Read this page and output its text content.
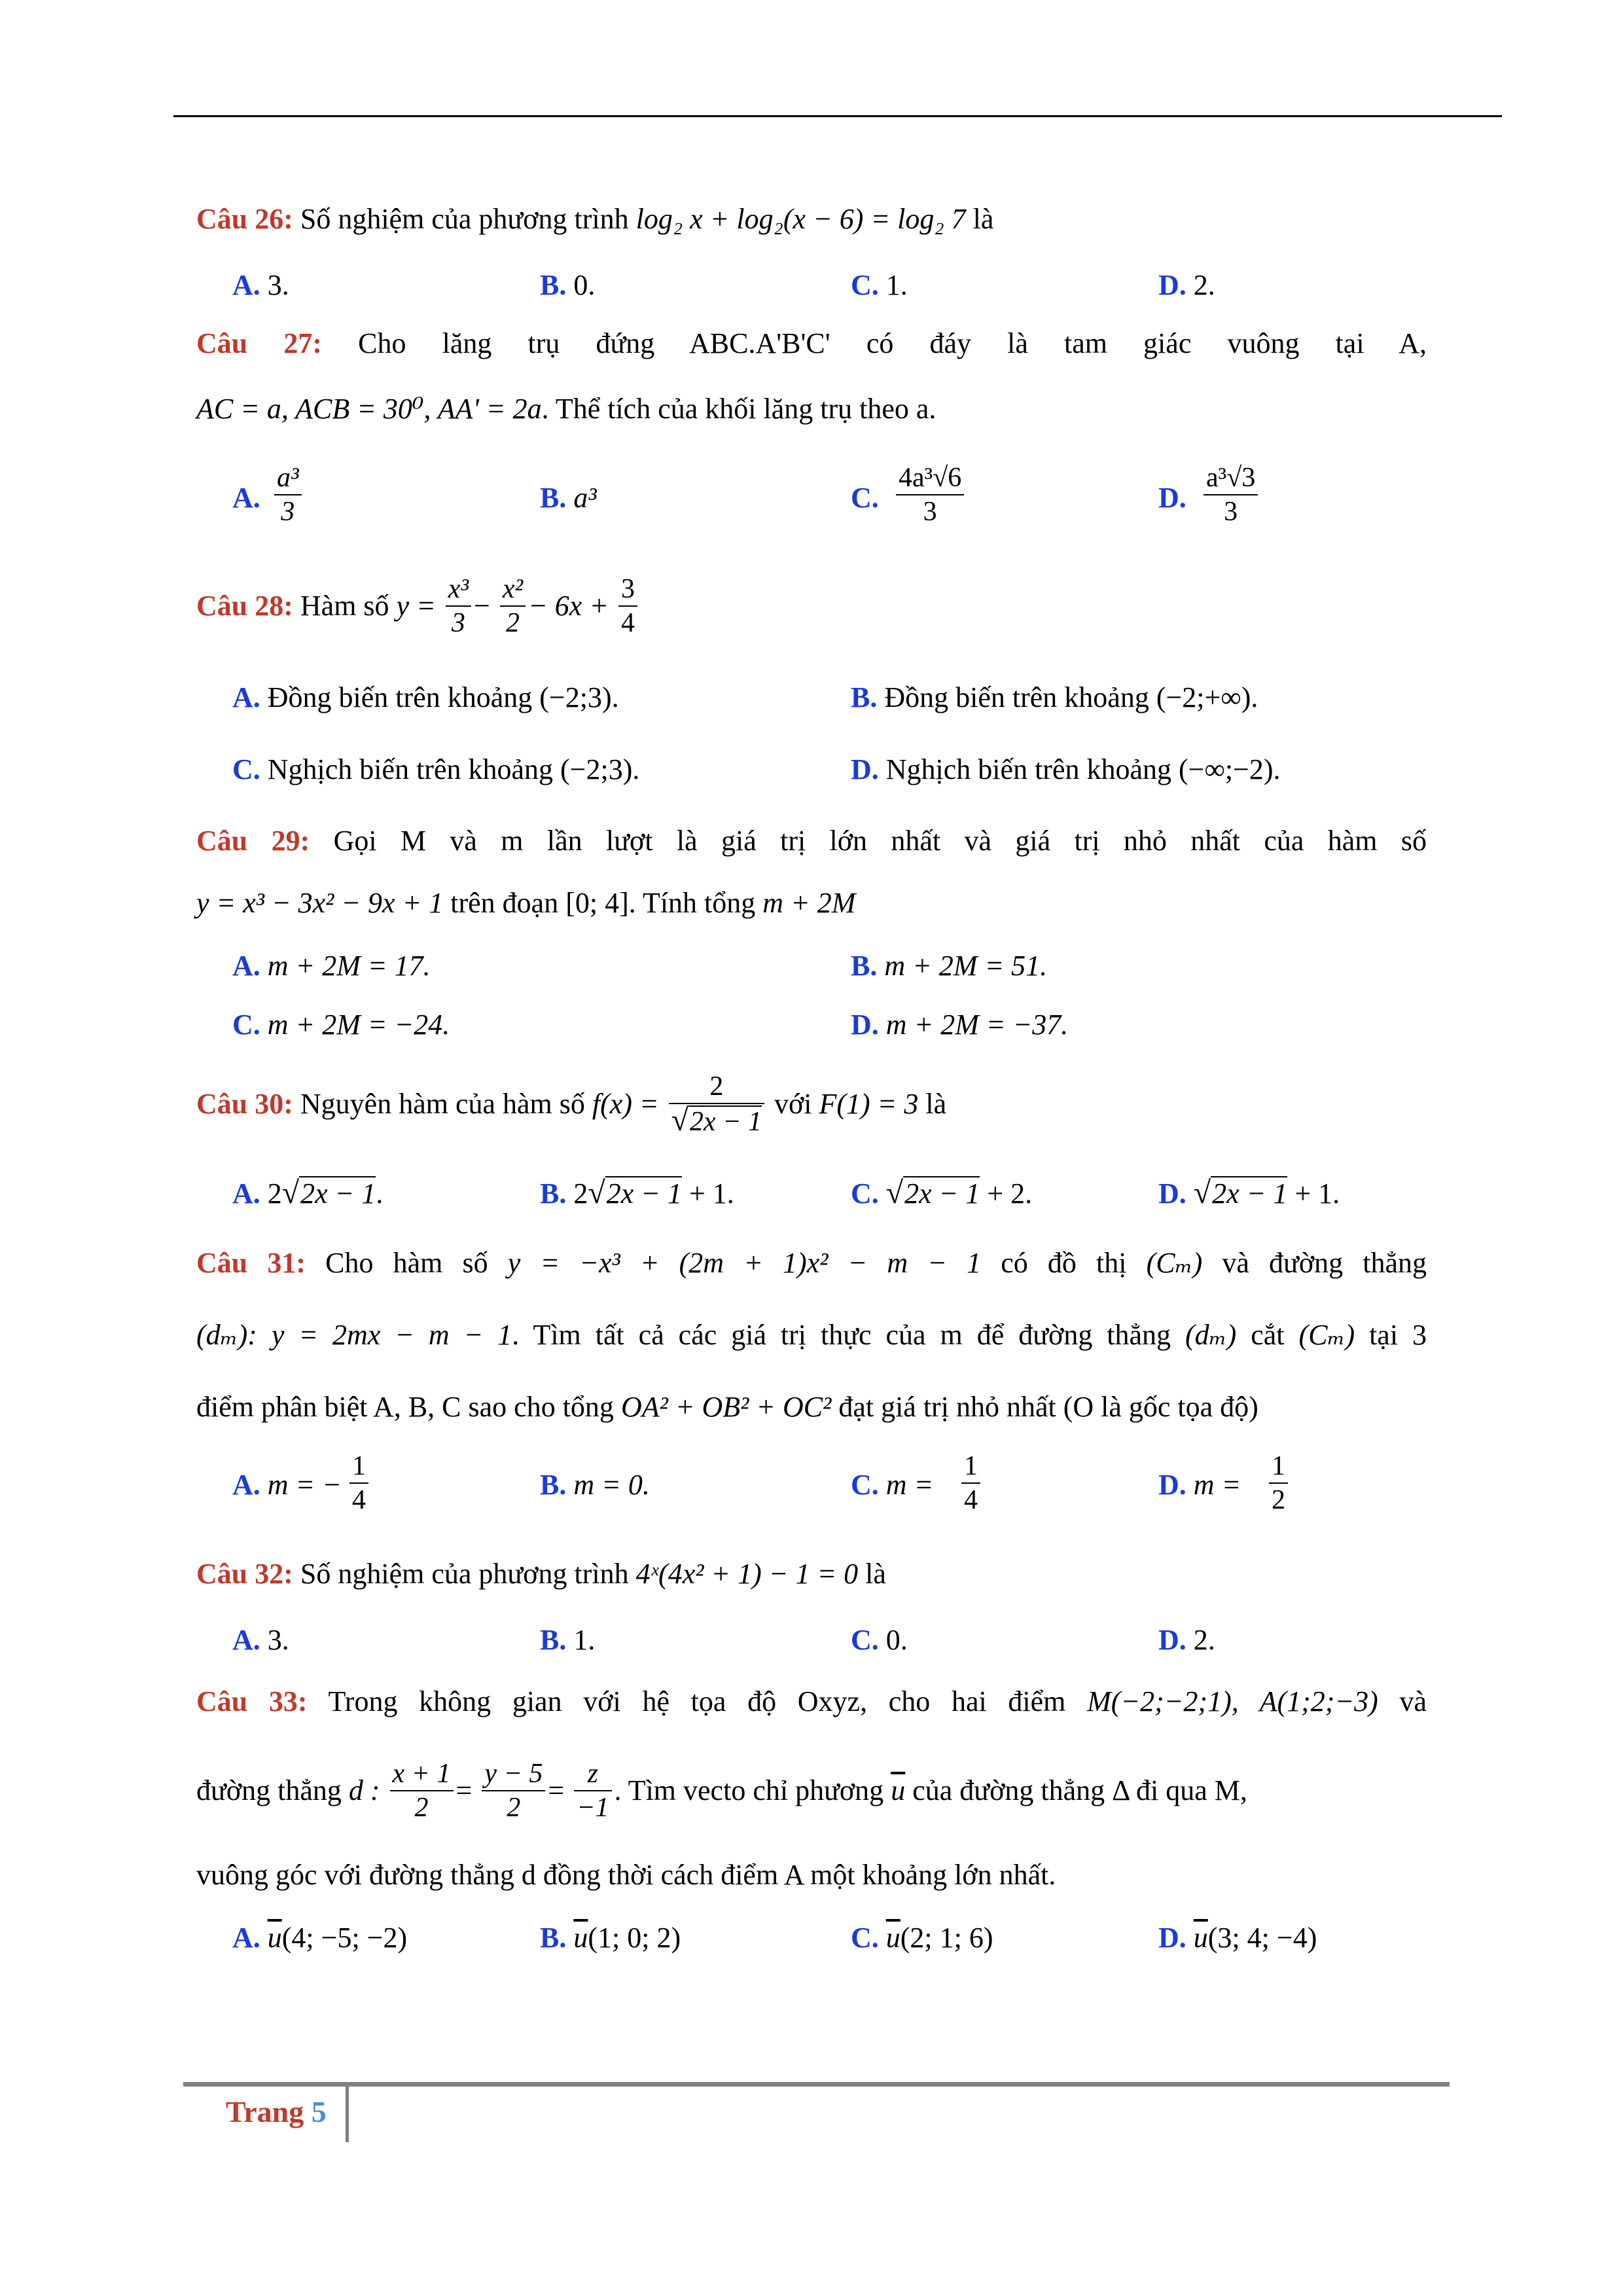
Câu 26: Số nghiệm của phương trình log₂ x + log₂(x − 6) = log₂ 7 là
A. 3.	B. 0.	C. 1.	D. 2.
Câu 27: Cho lăng trụ đứng ABC.A'B'C' có đáy là tam giác vuông tại A,
AC = a, ACB = 30⁰, AA' = 2a. Thể tích của khối lăng trụ theo a.
A.
a³
3	B. a³	C.
4a³√6
3	D.
a³√3
3
Câu 28: Hàm số $y = \frac{\text{x³}}{3} - \frac{\text{x²}}{2} - 6x + \frac{3}{4}$
A. Đồng biến trên khoảng (−2;3).	B. Đồng biến trên khoảng (−2;+∞).
C. Nghịch biến trên khoảng (−2;3).	D. Nghịch biến trên khoảng (−∞;−2).
Câu 29: Gọi M và m lần lượt là giá trị lớn nhất và giá trị nhỏ nhất của hàm số
y = x³ − 3x² − 9x + 1 trên đoạn [0; 4]. Tính tổng m + 2M
A. m + 2M = 17.	B. m + 2M = 51.
C. m + 2M = −24.	D. m + 2M = −37.
Câu 30: Nguyên hàm của hàm số $f(x) = \frac{2}{√2x - 1}$ với F(1) = 3 là
A. 2√2x − 1.	B. 2√2x − 1 + 1.	C. √2x − 1 + 2.	D. √2x − 1 + 1.
Câu 31: Cho hàm số y = −x³ + (2m + 1)x² − m − 1 có đồ thị (Cₘ) và đường thẳng
(dₘ): y = 2mx − m − 1. Tìm tất cả các giá trị thực của m để đường thẳng (dₘ) cắt (Cₘ) tại 3
điểm phân biệt A, B, C sao cho tổng OA² + OB² + OC² đạt giá trị nhỏ nhất (O là gốc tọa độ)
A. m = −
1
4	B. m = 0.	C. m =
1
4	D. m =
1
2
Câu 32: Số nghiệm của phương trình 4ˣ(4x² + 1) − 1 = 0 là
A. 3.	B. 1.	C. 0.	D. 2.
Câu 33: Trong không gian với hệ tọa độ Oxyz, cho hai điểm M(−2;−2;1), A(1;2;−3) và
đường thẳng d : $\frac{x + 1}{2} = \frac{y - 5}{2} = \frac{z}{-1}$ . Tìm vecto chỉ phương $\overline{u}$ của đường thẳng Δ đi qua M,
vuông góc với đường thẳng d đồng thời cách điểm A một khoảng lớn nhất.
A. $\overline{u}(4$; −5; −2)	B. $\overline{u}(1$; 0; 2)	C. $\overline{u}(2$; 1; 6)	D. $\overline{u}(3$; 4; −4)
Trang 5
